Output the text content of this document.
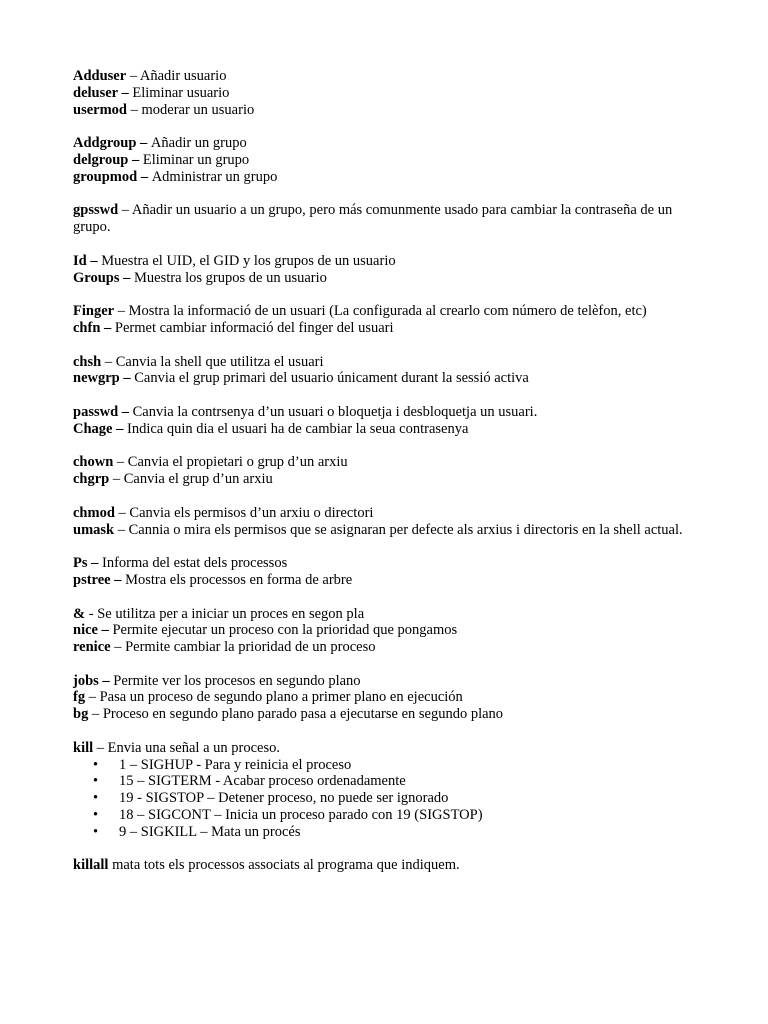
Adduser – Añadir usuario
deluser – Eliminar usuario
usermod – moderar un usuario
Addgroup – Añadir un grupo
delgroup – Eliminar un grupo
groupmod – Administrar un grupo
gpsswd – Añadir un usuario a un grupo, pero más comunmente usado para cambiar la contraseña de un grupo.
Id – Muestra el UID, el GID y los grupos de un usuario
Groups – Muestra los grupos de un usuario
Finger – Mostra la informació de un usuari (La configurada al crearlo com número de telèfon, etc)
chfn – Permet cambiar informació del finger del usuari
chsh – Canvia la shell que utilitza el usuari
newgrp – Canvia el grup primari del usuario únicament durant la sessió activa
passwd – Canvia la contrsenya d’un usuari o bloquetja i desbloquetja un usuari.
Chage – Indica quin dia el usuari ha de cambiar la seua contrasenya
chown – Canvia el propietari o grup d’un arxiu
chgrp – Canvia el grup d’un arxiu
chmod – Canvia els permisos d’un arxiu o directori
umask – Cannia o mira els permisos que se asignaran per defecte als arxius i directoris en la shell actual.
Ps – Informa del estat dels processos
pstree – Mostra els processos en forma de arbre
& - Se utilitza per a iniciar un proces en segon pla
nice – Permite ejecutar un proceso con la prioridad que pongamos
renice – Permite cambiar la prioridad de un proceso
jobs – Permite ver los procesos en segundo plano
fg – Pasa un proceso de segundo plano a primer plano en ejecución
bg – Proceso en segundo plano parado pasa a ejecutarse en segundo plano
kill – Envia una señal a un proceso.
• 1 – SIGHUP - Para y reinicia el proceso
• 15 – SIGTERM - Acabar proceso ordenadamente
• 19 - SIGSTOP – Detener proceso, no puede ser ignorado
• 18 – SIGCONT – Inicia un proceso parado con 19 (SIGSTOP)
• 9 – SIGKILL – Mata un procés
killall mata tots els processos associats al programa que indiquem.
